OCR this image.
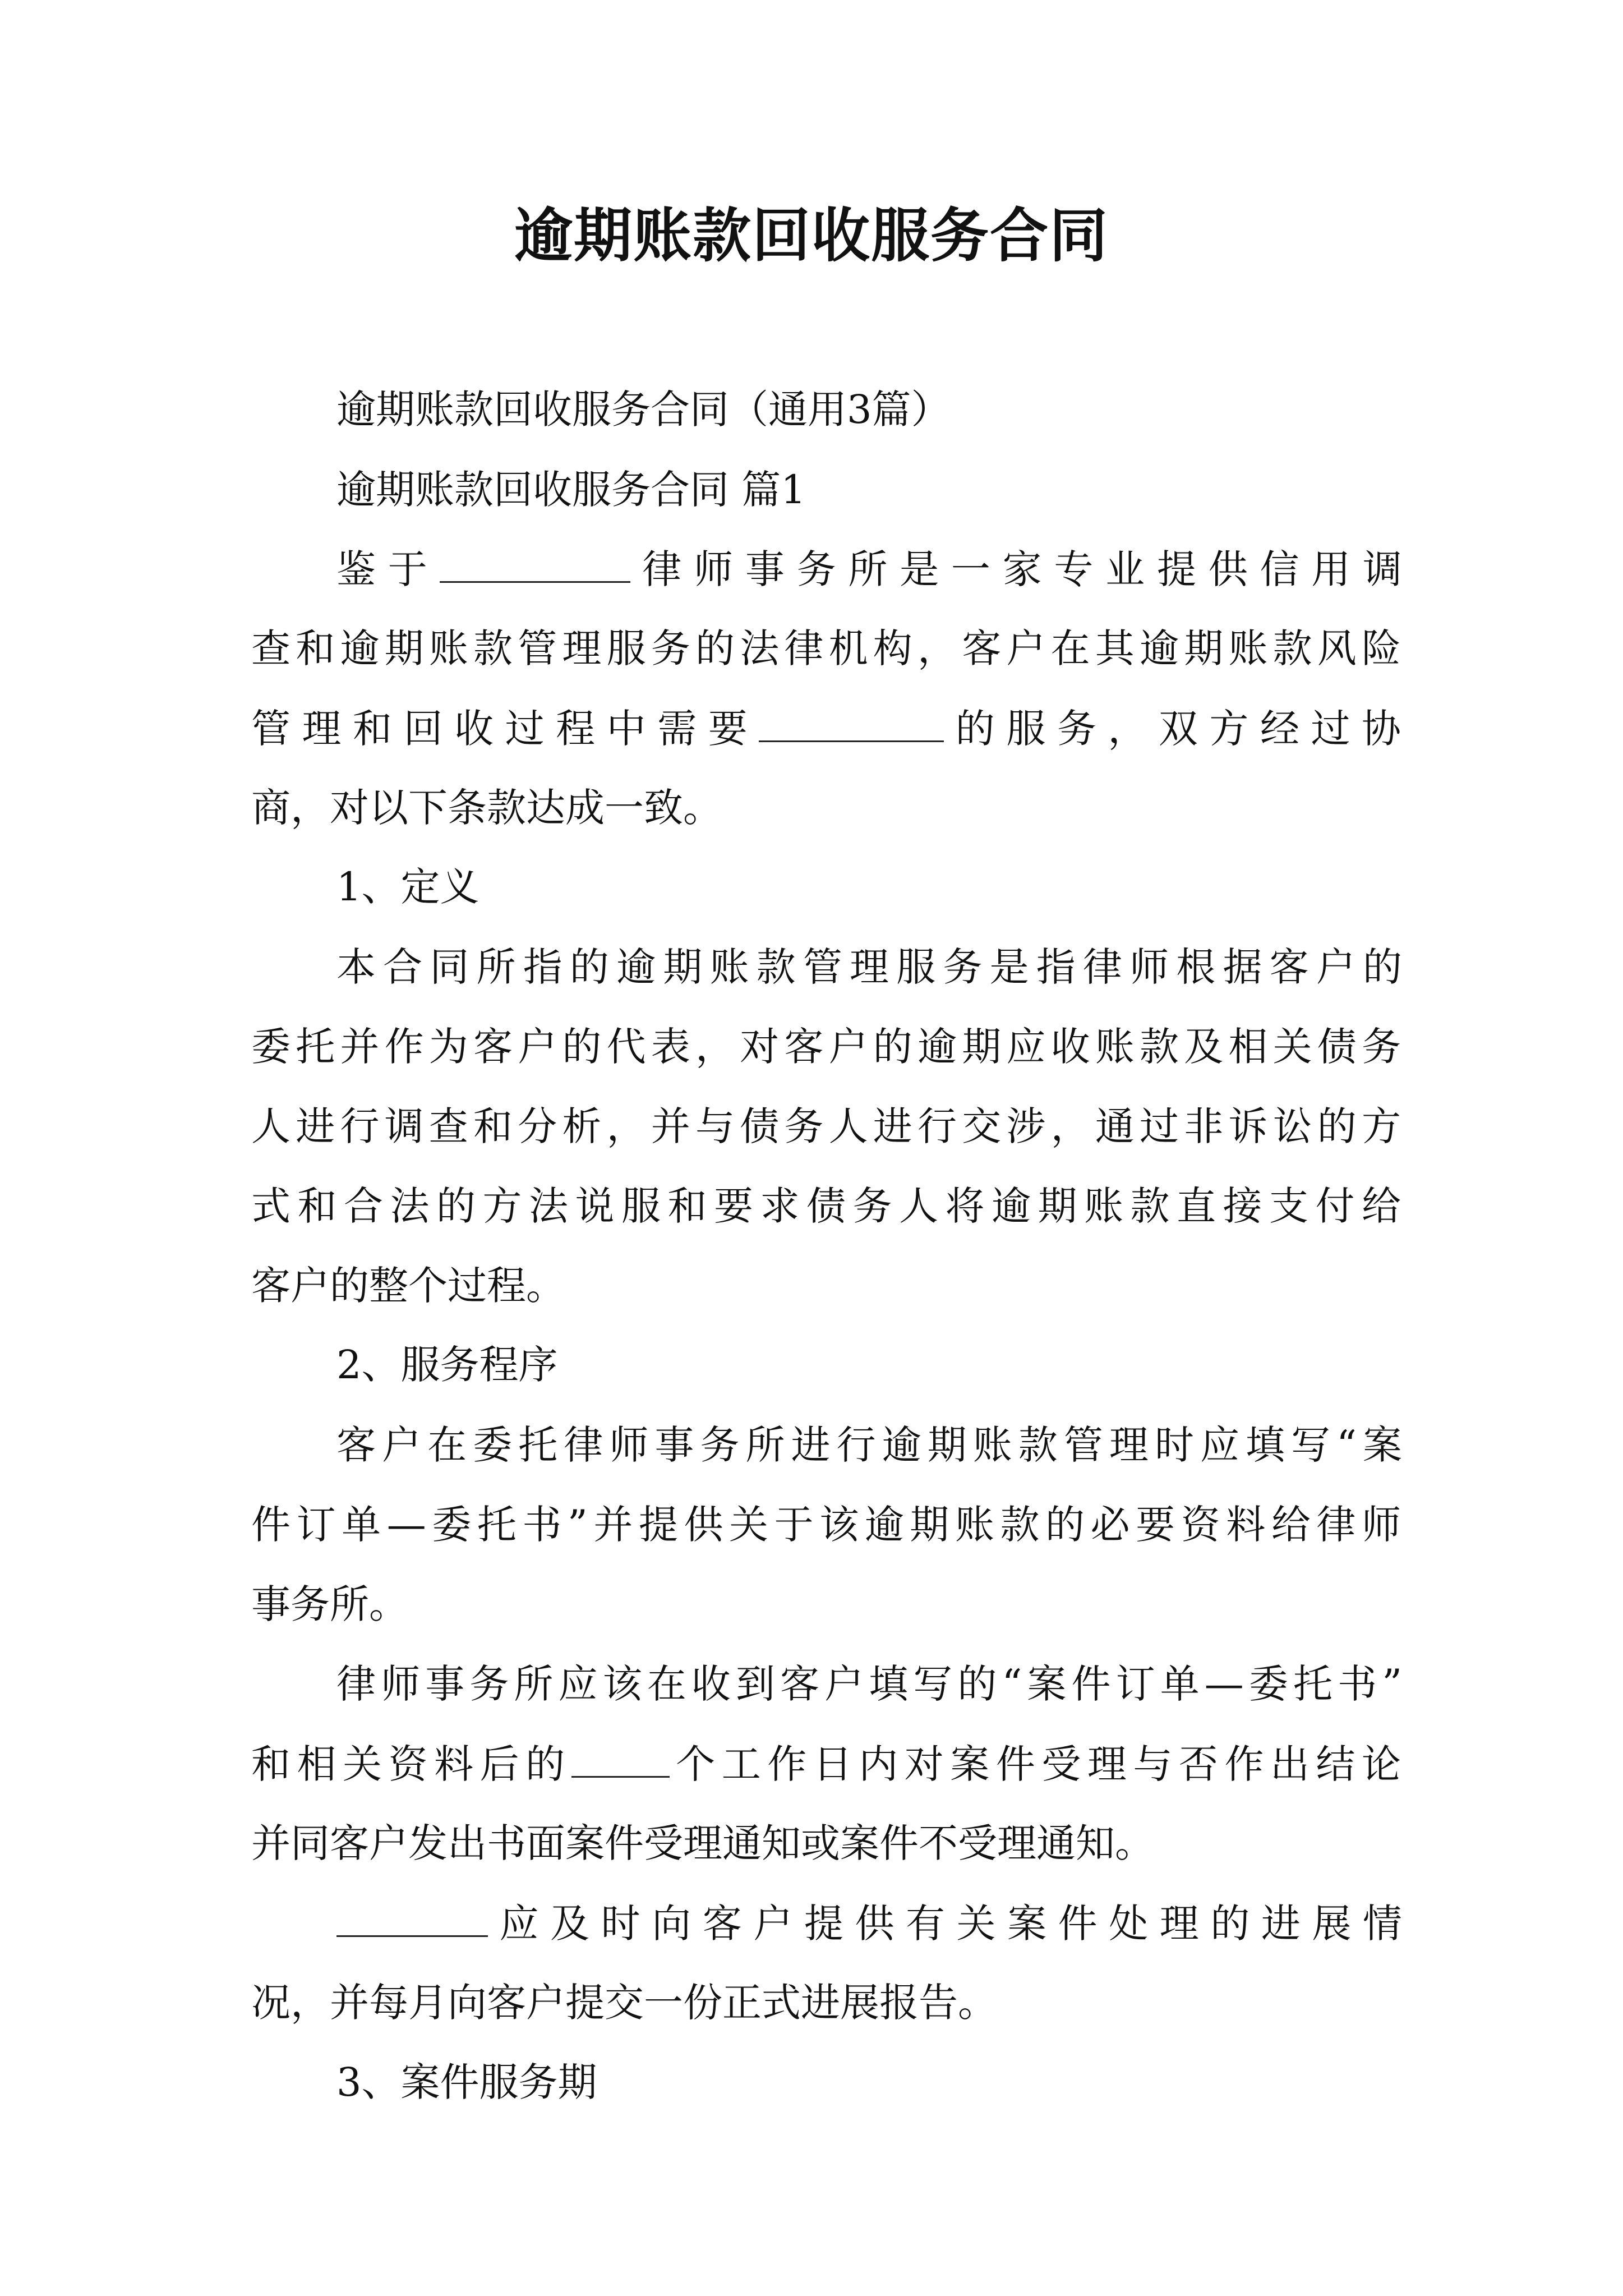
逾期账款回收服务合同
逾期账款回收服务合同（通用3篇）
逾期账款回收服务合同 篇1
鉴于	律师事务所是一家专业提供信用调
查和逾期账款管理服务的法律机构，客户在其逾期账款风险
管理和回收过程中需要	的服务，双方经过协
商，对以下条款达成一致。
1、定义
本合同所指的逾期账款管理服务是指律师根据客户的
委托并作为客户的代表，对客户的逾期应收账款及相关债务
人进行调查和分析，并与债务人进行交涉，通过非诉讼的方
式和合法的方法说服和要求债务人将逾期账款直接支付给
客户的整个过程。
2、服务程序
客户在委托律师事务所进行逾期账款管理时应填写“案
件订单—委托书”并提供关于该逾期账款的必要资料给律师
事务所。
律师事务所应该在收到客户填写的“案件订单—委托书”
和相关资料后的	个工作日内对案件受理与否作出结论
并同客户发出书面案件受理通知或案件不受理通知。
应及时向客户提供有关案件处理的进展情
况，并每月向客户提交一份正式进展报告。
3、案件服务期
